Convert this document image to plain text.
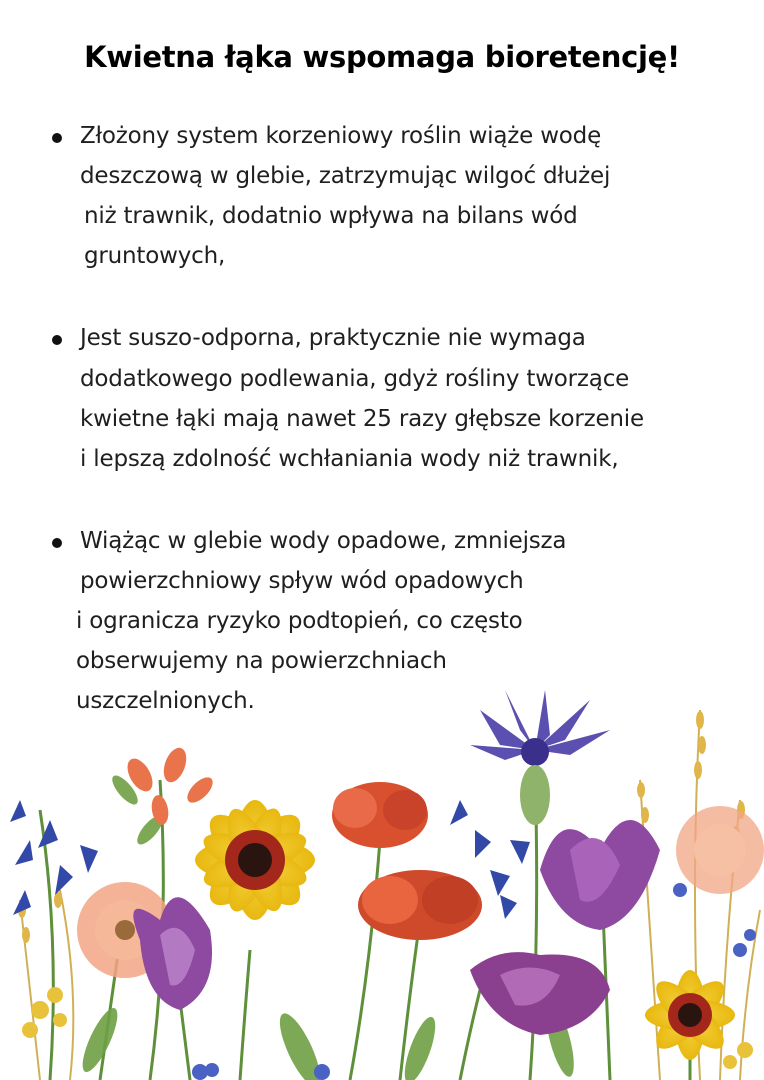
Kwietna łąka wspomaga bioretencję!
Złożony system korzeniowy roślin wiąże wodę
deszczową w glebie, zatrzymując wilgoć dłużej
niż trawnik, dodatnio wpływa na bilans wód
gruntowych,
Jest suszo-odporna, praktycznie nie wymaga
dodatkowego podlewania, gdyż rośliny tworzące
kwietne łąki mają nawet 25 razy głębsze korzenie
i lepszą zdolność wchłaniania wody niż trawnik,
Wiążąc w glebie wody opadowe, zmniejsza
powierzchniowy spływ wód opadowych
i ogranicza ryzyko podtopień, co często
obserwujemy na powierzchniach
uszczelnionych.
